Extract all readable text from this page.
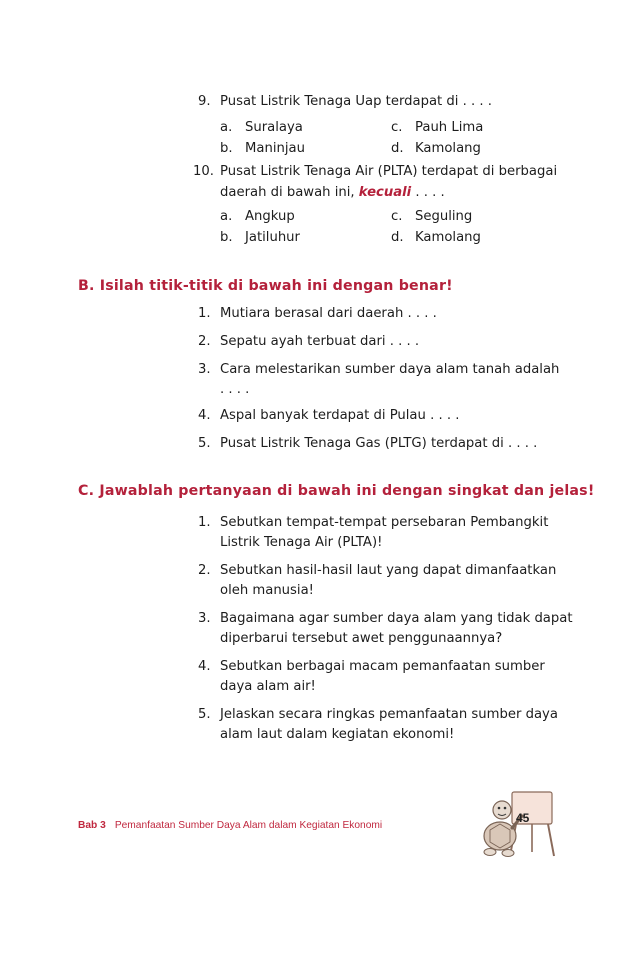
9. Pusat Listrik Tenaga Uap terdapat di . . . .
a. Suralaya
b. Maninjau
c. Pauh Lima
d. Kamolang
10. Pusat Listrik Tenaga Air (PLTA) terdapat di berbagai
daerah di bawah ini, kecuali . . . .
a. Angkup
b. Jatiluhur
c. Seguling
d. Kamolang
B. Isilah titik-titik di bawah ini dengan benar!
1. Mutiara berasal dari daerah . . . .
2. Sepatu ayah terbuat dari . . . .
3. Cara melestarikan sumber daya alam tanah adalah
. . . .
4. Aspal banyak terdapat di Pulau . . . .
5. Pusat Listrik Tenaga Gas (PLTG) terdapat di . . . .
C. Jawablah pertanyaan di bawah ini dengan singkat dan jelas!
1. Sebutkan tempat-tempat persebaran Pembangkit
Listrik Tenaga Air (PLTA)!
2. Sebutkan hasil-hasil laut yang dapat dimanfaatkan
oleh manusia!
3. Bagaimana agar sumber daya alam yang tidak dapat
diperbarui tersebut awet penggunaannya?
4. Sebutkan berbagai macam pemanfaatan sumber
daya alam air!
5. Jelaskan secara ringkas pemanfaatan sumber daya
alam laut dalam kegiatan ekonomi!
Bab 3 Pemanfaatan Sumber Daya Alam dalam Kegiatan Ekonomi
45
